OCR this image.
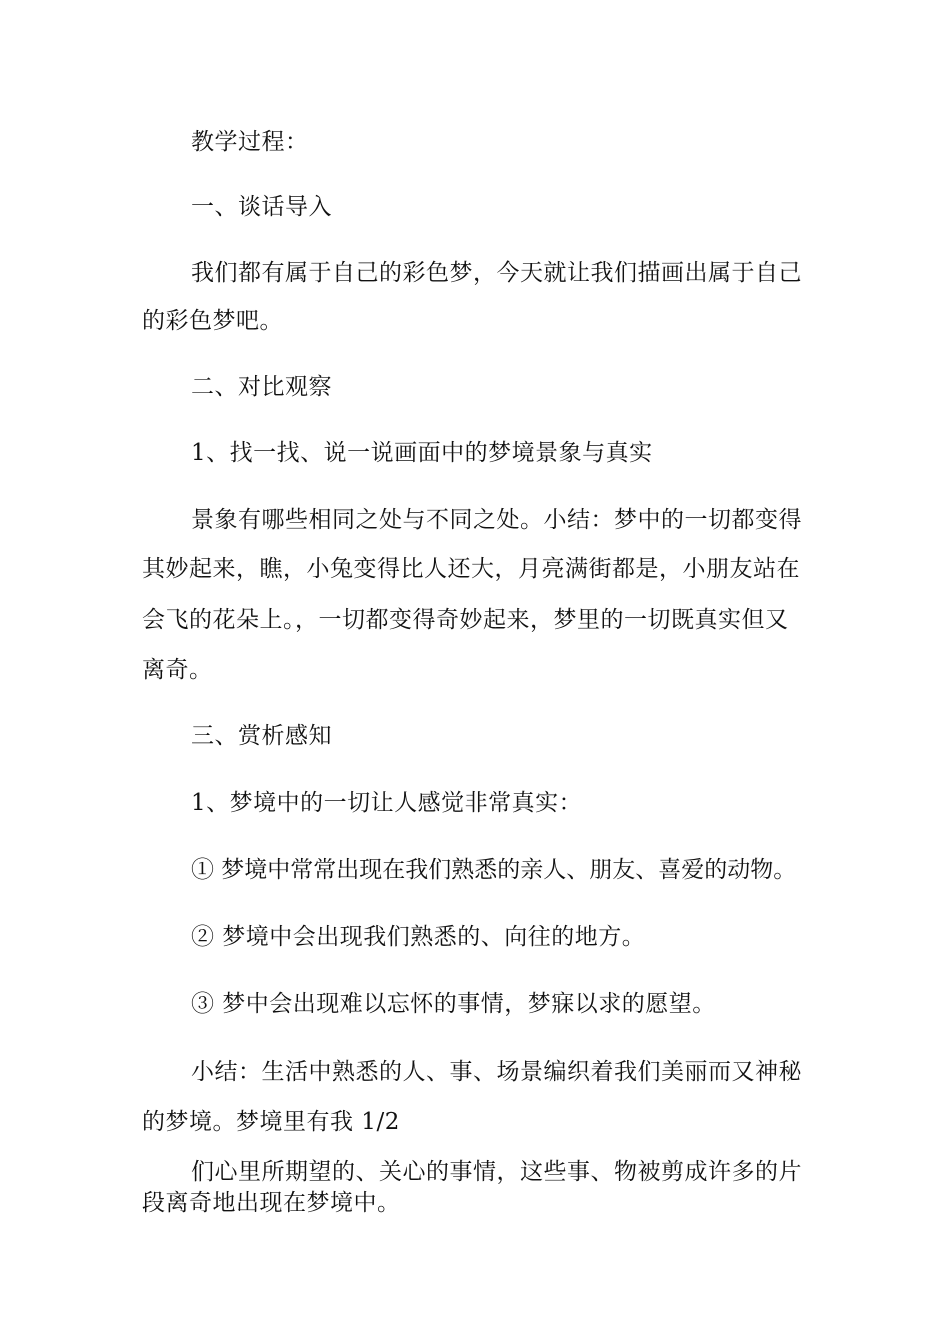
教学过程：
一、谈话导入
我们都有属于自己的彩色梦，今天就让我们描画出属于自己
的彩色梦吧。
二、对比观察
1、找一找、说一说画面中的梦境景象与真实
景象有哪些相同之处与不同之处。小结：梦中的一切都变得
其妙起来，瞧，小兔变得比人还大，月亮满街都是，小朋友站在
会飞的花朵上。，一切都变得奇妙起来，梦里的一切既真实但又
离奇。
三、赏析感知
1、梦境中的一切让人感觉非常真实：
① 梦境中常常出现在我们熟悉的亲人、朋友、喜爱的动物。
② 梦境中会出现我们熟悉的、向往的地方。
③ 梦中会出现难以忘怀的事情，梦寐以求的愿望。
小结：生活中熟悉的人、事、场景编织着我们美丽而又神秘
的梦境。梦境里有我 1/2
们心里所期望的、关心的事情，这些事、物被剪成许多的片
段离奇地出现在梦境中。
